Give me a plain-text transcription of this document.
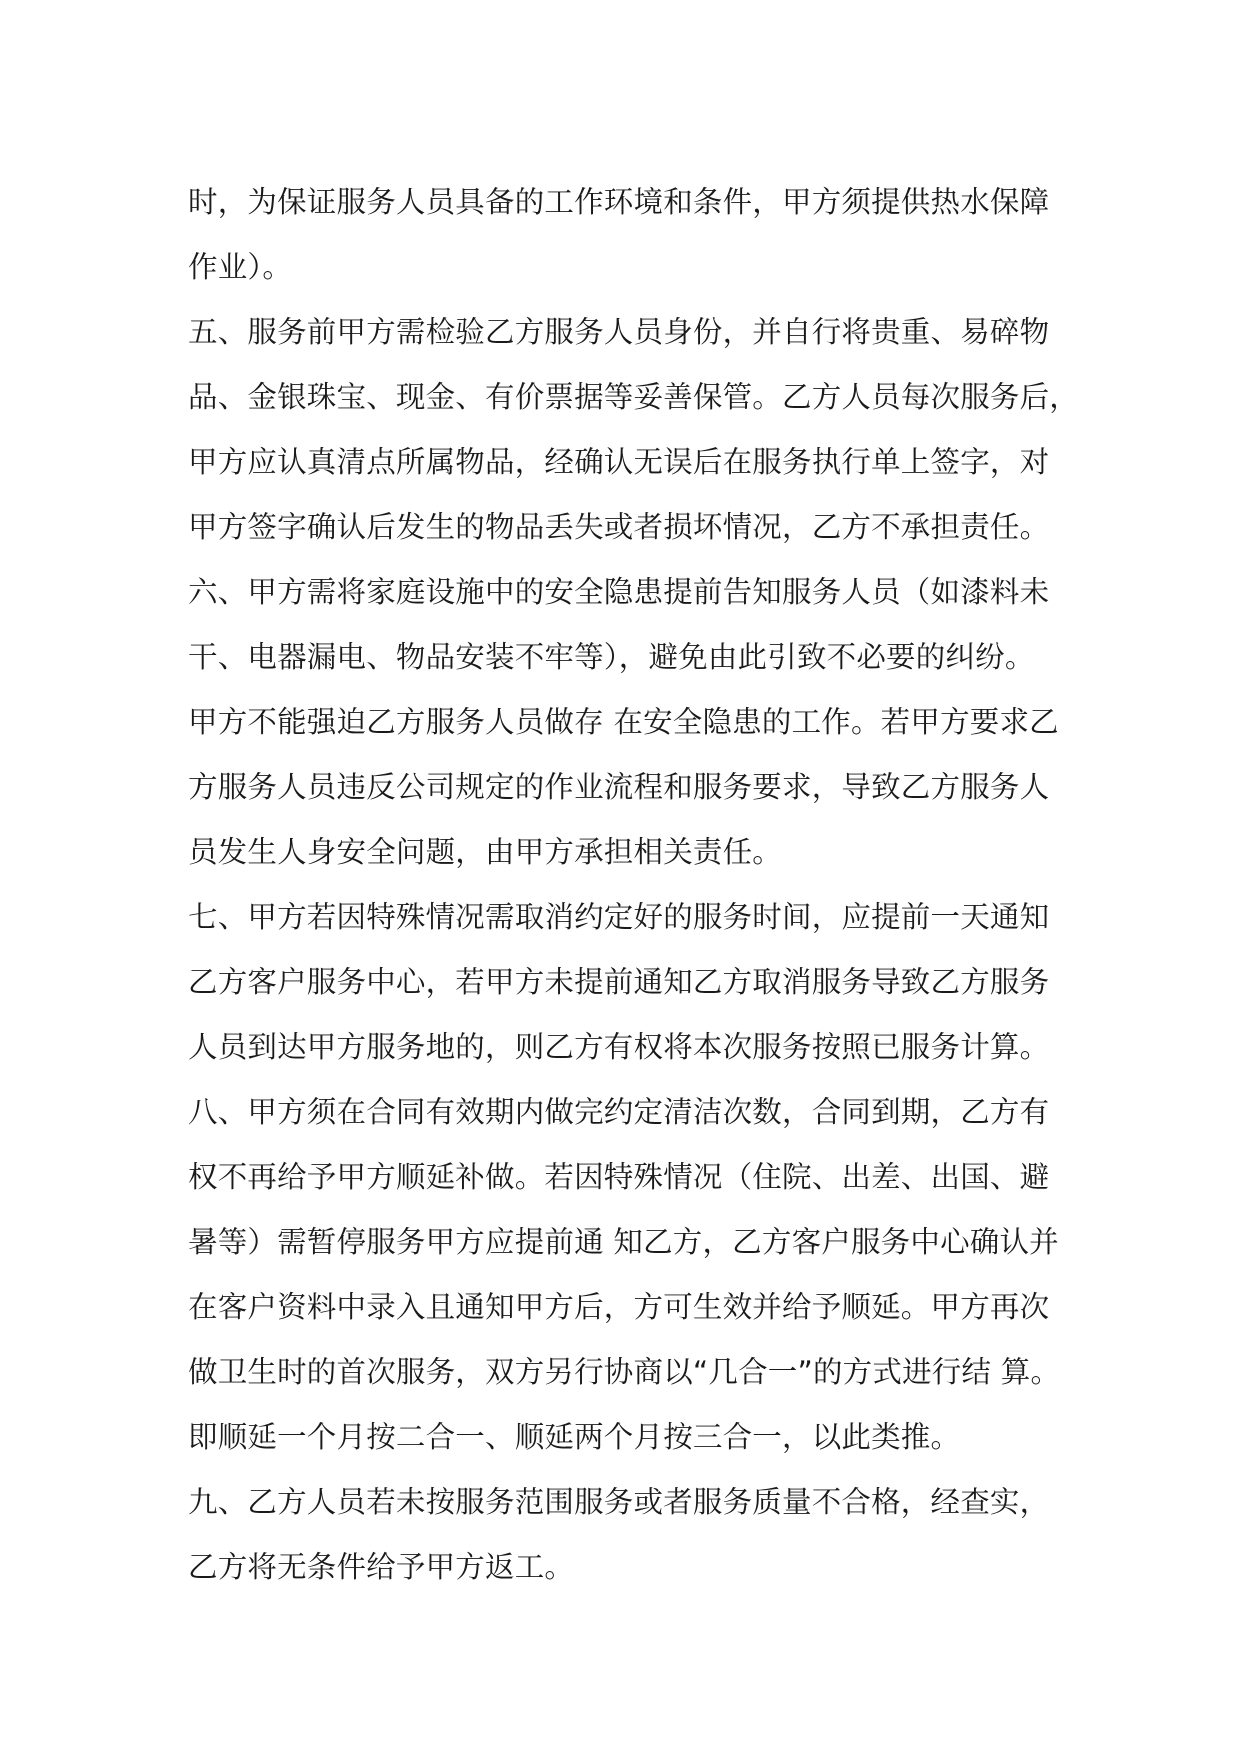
时，为保证服务人员具备的工作环境和条件，甲方须提供热水保障
作业）。
五、服务前甲方需检验乙方服务人员身份，并自行将贵重、易碎物
品、金银珠宝、现金、有价票据等妥善保管。乙方人员每次服务后，
甲方应认真清点所属物品，经确认无误后在服务执行单上签字，对
甲方签字确认后发生的物品丢失或者损坏情况，乙方不承担责任。
六、甲方需将家庭设施中的安全隐患提前告知服务人员（如漆料未
干、电器漏电、物品安装不牢等），避免由此引致不必要的纠纷。
甲方不能强迫乙方服务人员做存 在安全隐患的工作。若甲方要求乙
方服务人员违反公司规定的作业流程和服务要求，导致乙方服务人
员发生人身安全问题，由甲方承担相关责任。
七、甲方若因特殊情况需取消约定好的服务时间，应提前一天通知
乙方客户服务中心，若甲方未提前通知乙方取消服务导致乙方服务
人员到达甲方服务地的，则乙方有权将本次服务按照已服务计算。
八、甲方须在合同有效期内做完约定清洁次数，合同到期，乙方有
权不再给予甲方顺延补做。若因特殊情况（住院、出差、出国、避
暑等）需暂停服务甲方应提前通 知乙方，乙方客户服务中心确认并
在客户资料中录入且通知甲方后，方可生效并给予顺延。甲方再次
做卫生时的首次服务，双方另行协商以“几合一”的方式进行结 算。
即顺延一个月按二合一、顺延两个月按三合一，以此类推。
九、乙方人员若未按服务范围服务或者服务质量不合格，经查实，
乙方将无条件给予甲方返工。
